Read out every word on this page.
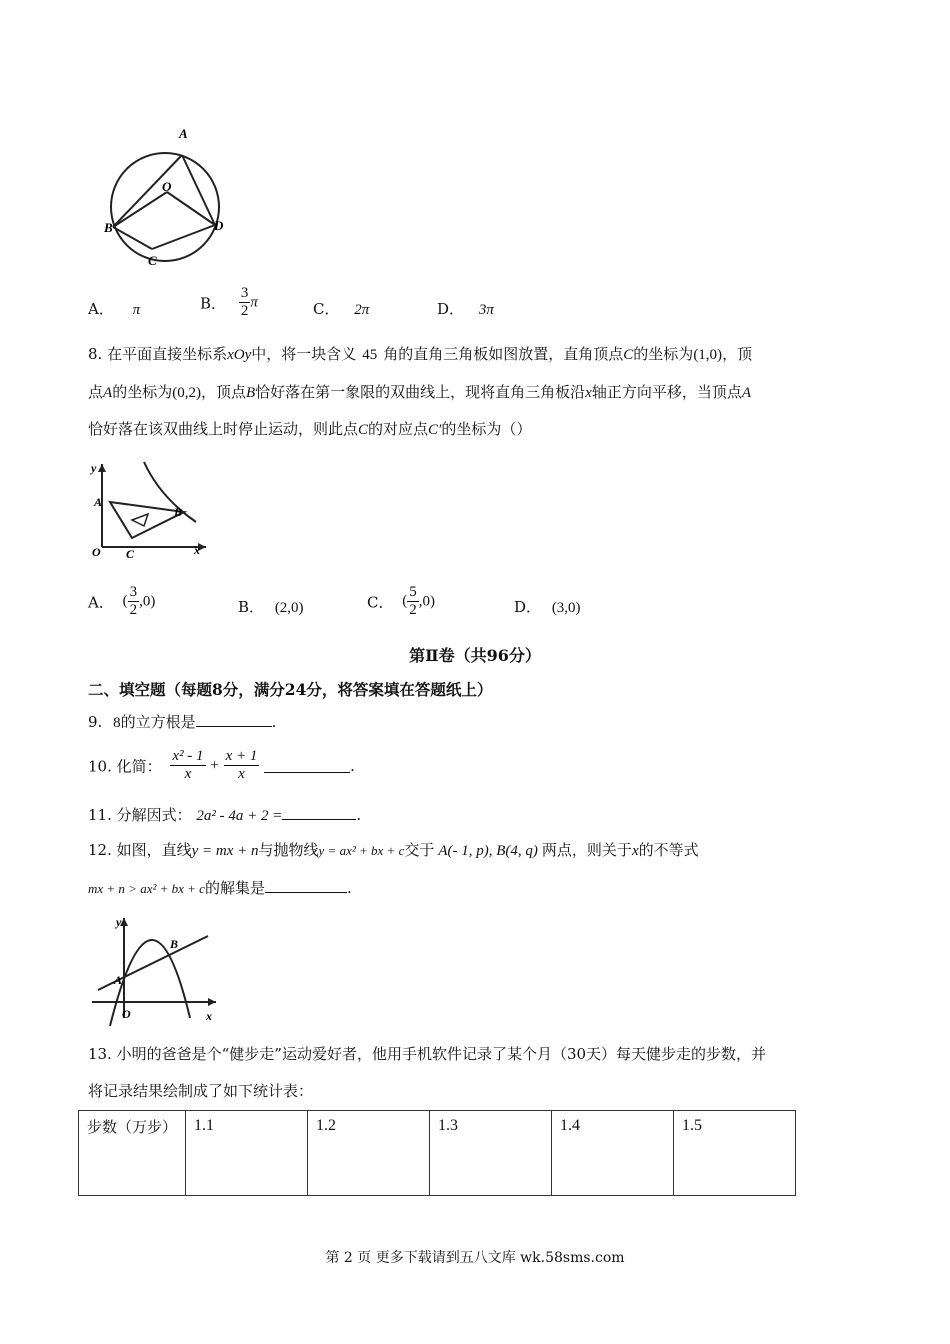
A
O
B	D
C
A． π	B． $\frac{3}{2}$ π	C． 2π	D． 3π
8. 在平面直接坐标系xOy中，将一块含义 45 角的直角三角板如图放置，直角顶点C的坐标为(1,0)，顶
点A的坐标为(0,2)，顶点B恰好落在第一象限的双曲线上，现将直角三角板沿x轴正方向平移，当顶点A
恰好落在该双曲线上时停止运动，则此点C的对应点C′的坐标为（）
y
A
B
O C	x
A． ( $\frac{3}{2} ,0$)	B． (2,0)	C． ( $\frac{5}{2} ,0$)	D． (3,0)
第Ⅱ卷（共96分）
二、填空题（每题8分，满分24分，将答案填在答题纸上）
9. 8的立方根是	.
10. 化简： $\frac{\text{x² - 1}}{x} + \frac{x + 1}{x}$	.
11. 分解因式： 2a² - 4a + 2 =	.
12. 如图，直线y = mx + n与抛物线y = ax² + bx + c交于 A(- 1, p), B(4, q) 两点，则关于x的不等式
mx + n > ax² + bx + c的解集是	.
y
A
B
O	x
13. 小明的爸爸是个“健步走”运动爱好者，他用手机软件记录了某个月（30天）每天健步走的步数，并
将记录结果绘制成了如下统计表：
步数（万步）	1.1	1.2	1.3	1.4	1.5
第 2 页 更多下载请到五八文库 wk.58sms.com
